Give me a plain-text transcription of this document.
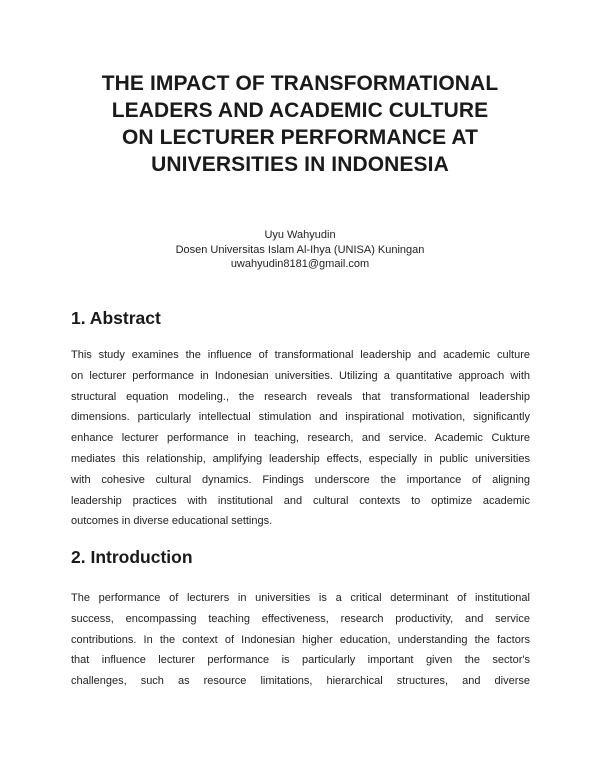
THE IMPACT OF TRANSFORMATIONAL
LEADERS AND ACADEMIC CULTURE
ON LECTURER PERFORMANCE AT
UNIVERSITIES IN INDONESIA
Uyu Wahyudin
Dosen Universitas Islam Al-Ihya (UNISA) Kuningan
uwahyudin8181@gmail.com
1. Abstract

This study examines the influence of transformational leadership and academic culture
on lecturer performance in Indonesian universities. Utilizing a quantitative approach with
structural equation modeling., the research reveals that transformational leadership
dimensions. particularly intellectual stimulation and inspirational motivation, significantly
enhance lecturer performance in teaching, research, and service. Academic Cukture
mediates this relationship, amplifying leadership effects, especially in public universities
with cohesive cultural dynamics. Findings underscore the importance of aligning
leadership practices with institutional and cultural contexts to optimize academic
outcomes in diverse educational settings.

2. Introduction

The performance of lecturers in universities is a critical determinant of institutional
success, encompassing teaching effectiveness, research productivity, and service
contributions. In the context of Indonesian higher education, understanding the factors
that influence lecturer performance is particularly important given the sector's
challenges, such as resource limitations, hierarchical structures, and diverse
